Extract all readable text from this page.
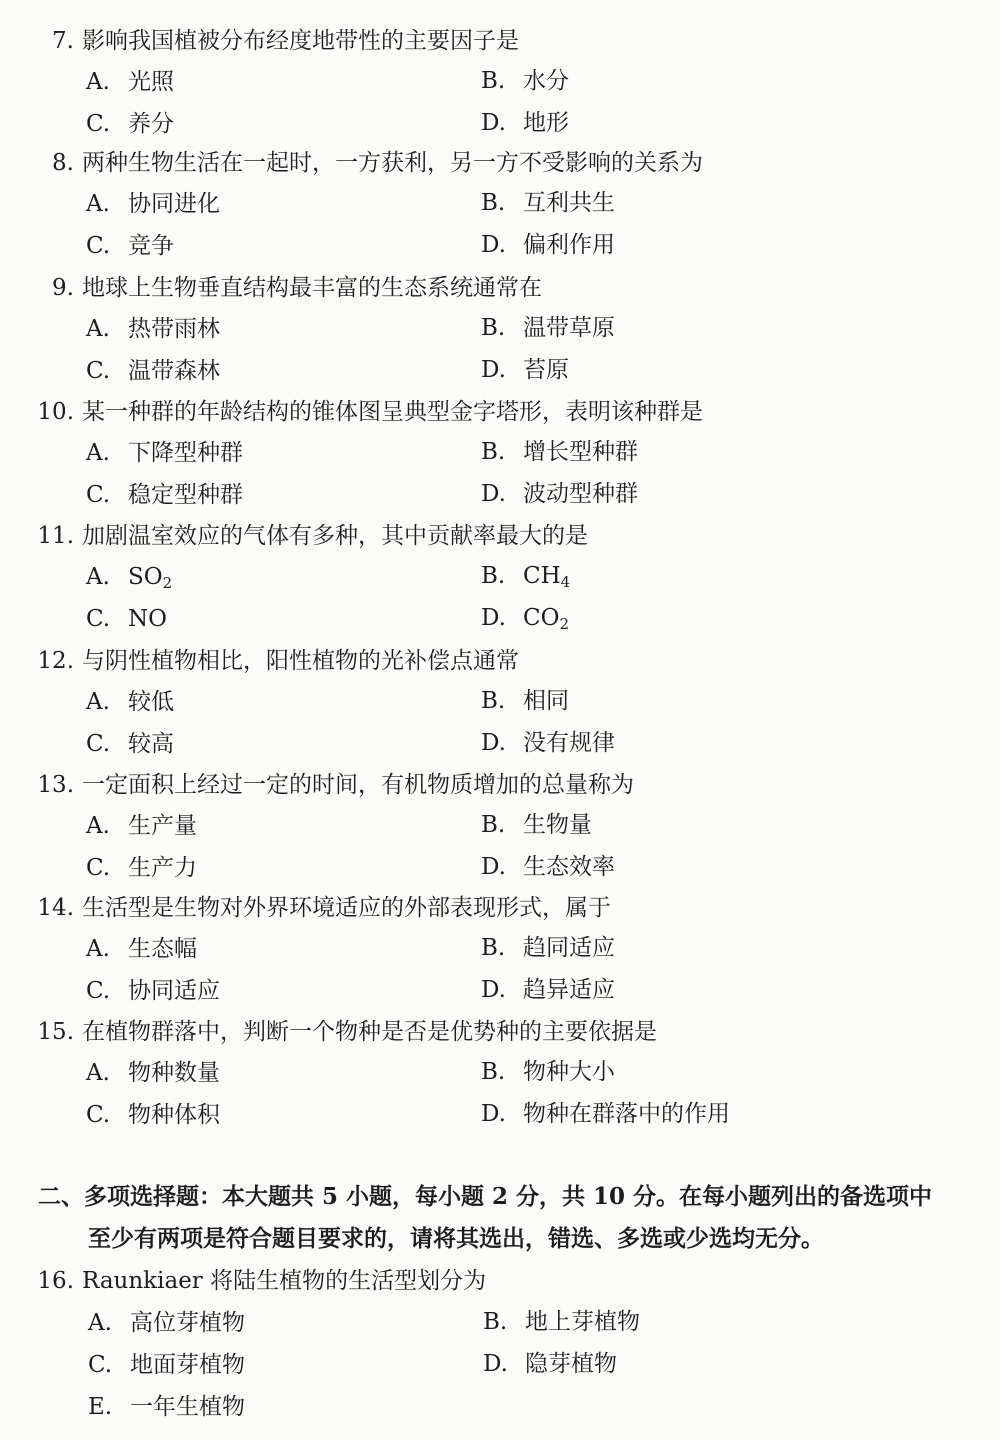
7. 影响我国植被分布经度地带性的主要因子是
A. 光照	B. 水分
C. 养分	D. 地形
8. 两种生物生活在一起时，一方获利，另一方不受影响的关系为
A. 协同进化	B. 互利共生
C. 竞争	D. 偏利作用
9. 地球上生物垂直结构最丰富的生态系统通常在
A. 热带雨林	B. 温带草原
C. 温带森林	D. 苔原
10. 某一种群的年龄结构的锥体图呈典型金字塔形，表明该种群是
A. 下降型种群	B. 增长型种群
C. 稳定型种群	D. 波动型种群
11. 加剧温室效应的气体有多种，其中贡献率最大的是
A. $SO_2$	B. $CH_4$
C. NO	D. $CO_2$
12. 与阴性植物相比，阳性植物的光补偿点通常
A. 较低	B. 相同
C. 较高	D. 没有规律
13. 一定面积上经过一定的时间，有机物质增加的总量称为
A. 生产量	B. 生物量
C. 生产力	D. 生态效率
14. 生活型是生物对外界环境适应的外部表现形式，属于
A. 生态幅	B. 趋同适应
C. 协同适应	D. 趋异适应
15. 在植物群落中，判断一个物种是否是优势种的主要依据是
A. 物种数量	B. 物种大小
C. 物种体积	D. 物种在群落中的作用
二、多项选择题：本大题共 5 小题，每小题 2 分，共 10 分。在每小题列出的备选项中
至少有两项是符合题目要求的，请将其选出，错选、多选或少选均无分。
16. Raunkiaer 将陆生植物的生活型划分为
A. 高位芽植物	B. 地上芽植物
C. 地面芽植物	D. 隐芽植物
E. 一年生植物
